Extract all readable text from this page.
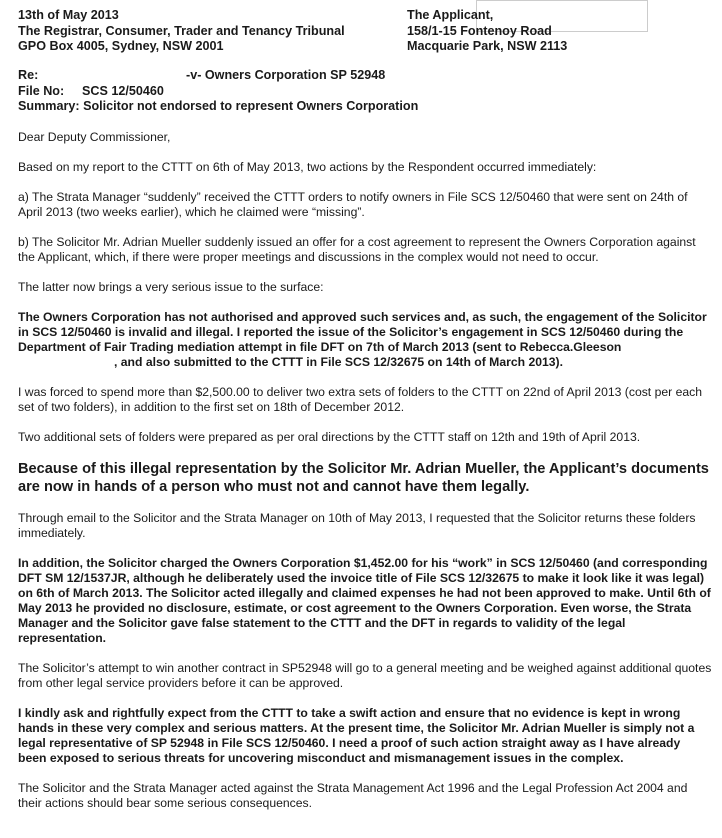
13th of May 2013
The Registrar, Consumer, Trader and Tenancy Tribunal
GPO Box 4005, Sydney, NSW 2001
The Applicant,
158/1-15 Fontenoy Road
Macquarie Park, NSW 2113
Re:	-v- Owners Corporation SP 52948
File No: SCS 12/50460
Summary: Solicitor not endorsed to represent Owners Corporation

Dear Deputy Commissioner,

Based on my report to the CTTT on 6th of May 2013, two actions by the Respondent occurred immediately:

a) The Strata Manager “suddenly” received the CTTT orders to notify owners in File SCS 12/50460 that were sent on 24th of April 2013 (two weeks earlier), which he claimed were “missing”.

b) The Solicitor Mr. Adrian Mueller suddenly issued an offer for a cost agreement to represent the Owners Corporation against the Applicant, which, if there were proper meetings and discussions in the complex would not need to occur.

The latter now brings a very serious issue to the surface:

The Owners Corporation has not authorised and approved such services and, as such, the engagement of the Solicitor in SCS 12/50460 is invalid and illegal. I reported the issue of the Solicitor’s engagement in SCS 12/50460 during the Department of Fair Trading mediation attempt in file DFT on 7th of March 2013 (sent to Rebecca.Gleeson, and also submitted to the CTTT in File SCS 12/32675 on 14th of March 2013).

I was forced to spend more than $2,500.00 to deliver two extra sets of folders to the CTTT on 22nd of April 2013 (cost per each set of two folders), in addition to the first set on 18th of December 2012.

Two additional sets of folders were prepared as per oral directions by the CTTT staff on 12th and 19th of April 2013.

Because of this illegal representation by the Solicitor Mr. Adrian Mueller, the Applicant’s documents are now in hands of a person who must not and cannot have them legally.

Through email to the Solicitor and the Strata Manager on 10th of May 2013, I requested that the Solicitor returns these folders immediately.

In addition, the Solicitor charged the Owners Corporation $1,452.00 for his “work” in SCS 12/50460 (and corresponding DFT SM 12/1537JR, although he deliberately used the invoice title of File SCS 12/32675 to make it look like it was legal) on 6th of March 2013. The Solicitor acted illegally and claimed expenses he had not been approved to make. Until 6th of May 2013 he provided no disclosure, estimate, or cost agreement to the Owners Corporation. Even worse, the Strata Manager and the Solicitor gave false statement to the CTTT and the DFT in regards to validity of the legal representation.

The Solicitor’s attempt to win another contract in SP52948 will go to a general meeting and be weighed against additional quotes from other legal service providers before it can be approved.

I kindly ask and rightfully expect from the CTTT to take a swift action and ensure that no evidence is kept in wrong hands in these very complex and serious matters. At the present time, the Solicitor Mr. Adrian Mueller is simply not a legal representative of SP 52948 in File SCS 12/50460. I need a proof of such action straight away as I have already been exposed to serious threats for uncovering misconduct and mismanagement issues in the complex.

The Solicitor and the Strata Manager acted against the Strata Management Act 1996 and the Legal Profession Act 2004 and their actions should bear some serious consequences.
